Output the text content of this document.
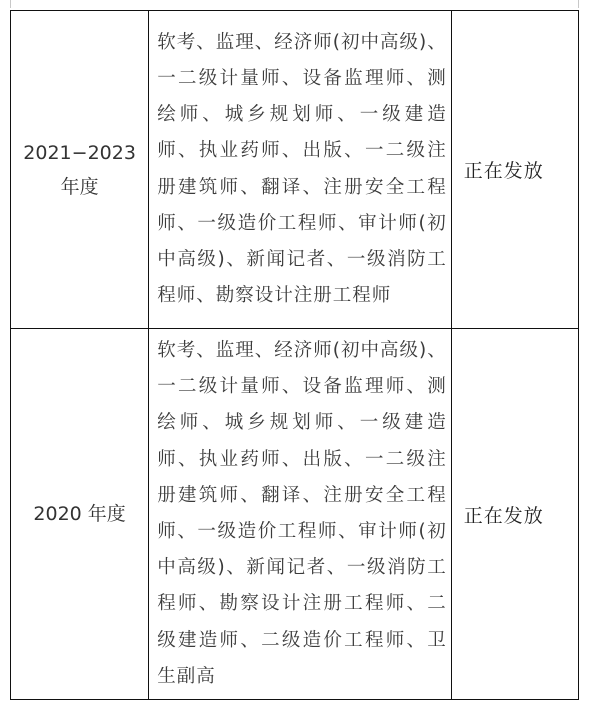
2021−2023 年度	软考、监理、经济师(初中高级)、一二级计量师、设备监理师、测绘师、城乡规划师、一级建造师、执业药师、出版、一二级注册建筑师、翻译、注册安全工程师、一级造价工程师、审计师(初中高级)、新闻记者、一级消防工程师、勘察设计注册工程师	正在发放
2020 年度	软考、监理、经济师(初中高级)、一二级计量师、设备监理师、测绘师、城乡规划师、一级建造师、执业药师、出版、一二级注册建筑师、翻译、注册安全工程师、一级造价工程师、审计师(初中高级)、新闻记者、一级消防工程师、勘察设计注册工程师、二级建造师、二级造价工程师、卫生副高	正在发放
